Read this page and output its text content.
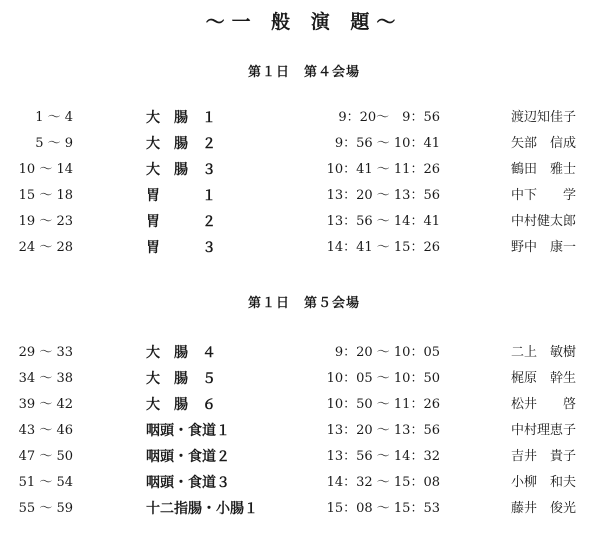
～一 般 演 題～
第１日　第４会場
1 ～ 4	大　腸　１	9：20～　9：56	渡辺知佳子
5 ～ 9	大　腸　２	9：56 ～ 10：41	矢部　信成
10 ～ 14	大　腸　３	10：41 ～ 11：26	鶴田　雅士
15 ～ 18	胃　　　１	13：20 ～ 13：56	中下　　学
19 ～ 23	胃　　　２	13：56 ～ 14：41	中村健太郎
24 ～ 28	胃　　　３	14：41 ～ 15：26	野中　康一
第１日　第５会場
29 ～ 33	大　腸　４	9：20 ～ 10：05	二上　敏樹
34 ～ 38	大　腸　５	10：05 ～ 10：50	梶原　幹生
39 ～ 42	大　腸　６	10：50 ～ 11：26	松井　　啓
43 ～ 46	咽頭・食道１	13：20 ～ 13：56	中村理恵子
47 ～ 50	咽頭・食道２	13：56 ～ 14：32	吉井　貴子
51 ～ 54	咽頭・食道３	14：32 ～ 15：08	小柳　和夫
55 ～ 59	十二指腸・小腸１	15：08 ～ 15：53	藤井　俊光
